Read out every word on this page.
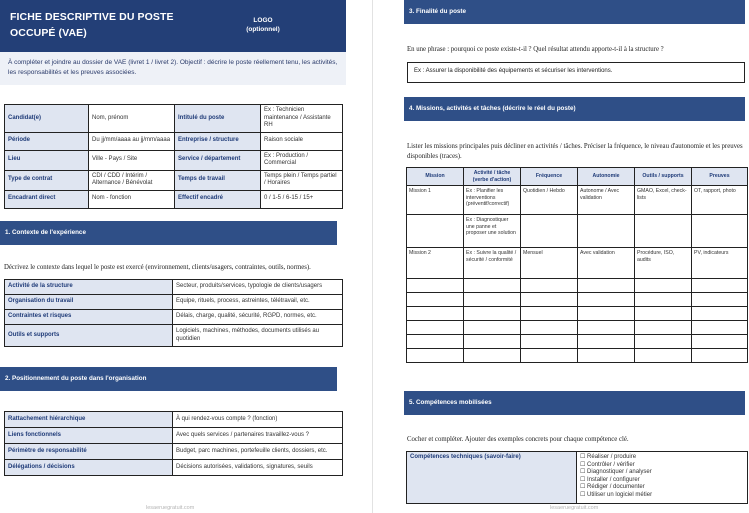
FICHE DESCRIPTIVE DU POSTE
OCCUPÉ (VAE)
LOGO
(optionnel)
À compléter et joindre au dossier de VAE (livret 1 / livret 2). Objectif : décrire le poste réellement tenu, les activités, les responsabilités et les preuves associées.
Candidat(e)	Nom, prénom	Intitulé du poste	Ex : Technicien maintenance / Assistante RH
Période	Du jj/mm/aaaa au jj/mm/aaaa	Entreprise / structure	Raison sociale
Lieu	Ville - Pays / Site	Service / département	Ex : Production / Commercial
Type de contrat	CDI / CDD / Intérim / Alternance / Bénévolat	Temps de travail	Temps plein / Temps partiel / Horaires
Encadrant direct	Nom - fonction	Effectif encadré	0 / 1-5 / 6-15 / 15+
1. Contexte de l'expérience
Décrivez le contexte dans lequel le poste est exercé (environnement, clients/usagers, contraintes, outils, normes).
Activité de la structure	Secteur, produits/services, typologie de clients/usagers
Organisation du travail	Equipe, rituels, process, astreintes, télétravail, etc.
Contraintes et risques	Délais, charge, qualité, sécurité, RGPD, normes, etc.
Outils et supports	Logiciels, machines, méthodes, documents utilisés au quotidien
2. Positionnement du poste dans l'organisation
Rattachement hiérarchique	À qui rendez-vous compte ? (fonction)
Liens fonctionnels	Avec quels services / partenaires travaillez-vous ?
Périmètre de responsabilité	Budget, parc machines, portefeuille clients, dossiers, etc.
Délégations / décisions	Décisions autorisées, validations, signatures, seuils
lesaeruegratuit.com
3. Finalité du poste
En une phrase : pourquoi ce poste existe-t-il ? Quel résultat attendu apporte-t-il à la structure ?
Ex : Assurer la disponibilité des équipements et sécuriser les interventions.
4. Missions, activités et tâches (décrire le réel du poste)
Lister les missions principales puis décliner en activités / tâches. Préciser la fréquence, le niveau d'autonomie et les preuves disponibles (traces).
Mission	Activité / tâche (verbe d'action)	Fréquence	Autonomie	Outils / supports	Preuves
Mission 1	Ex : Planifier les interventions (préventif/correctif)	Quotidien / Hebdo	Autonome / Avec validation	GMAO, Excel, check-lists	OT, rapport, photo
	Ex : Diagnostiquer une panne et proposer une solution				
Mission 2	Ex : Suivre la qualité / sécurité / conformité	Mensuel	Avec validation	Procédure, ISO, audits	PV, indicateurs

5. Compétences mobilisées
Cocher et compléter. Ajouter des exemples concrets pour chaque compétence clé.
Compétences techniques (savoir-faire)	☐ Réaliser / produire
☐ Contrôler / vérifier
☐ Diagnostiquer / analyser
☐ Installer / configurer
☐ Rédiger / documenter
☐ Utiliser un logiciel métier
lesaeruegratuit.com
